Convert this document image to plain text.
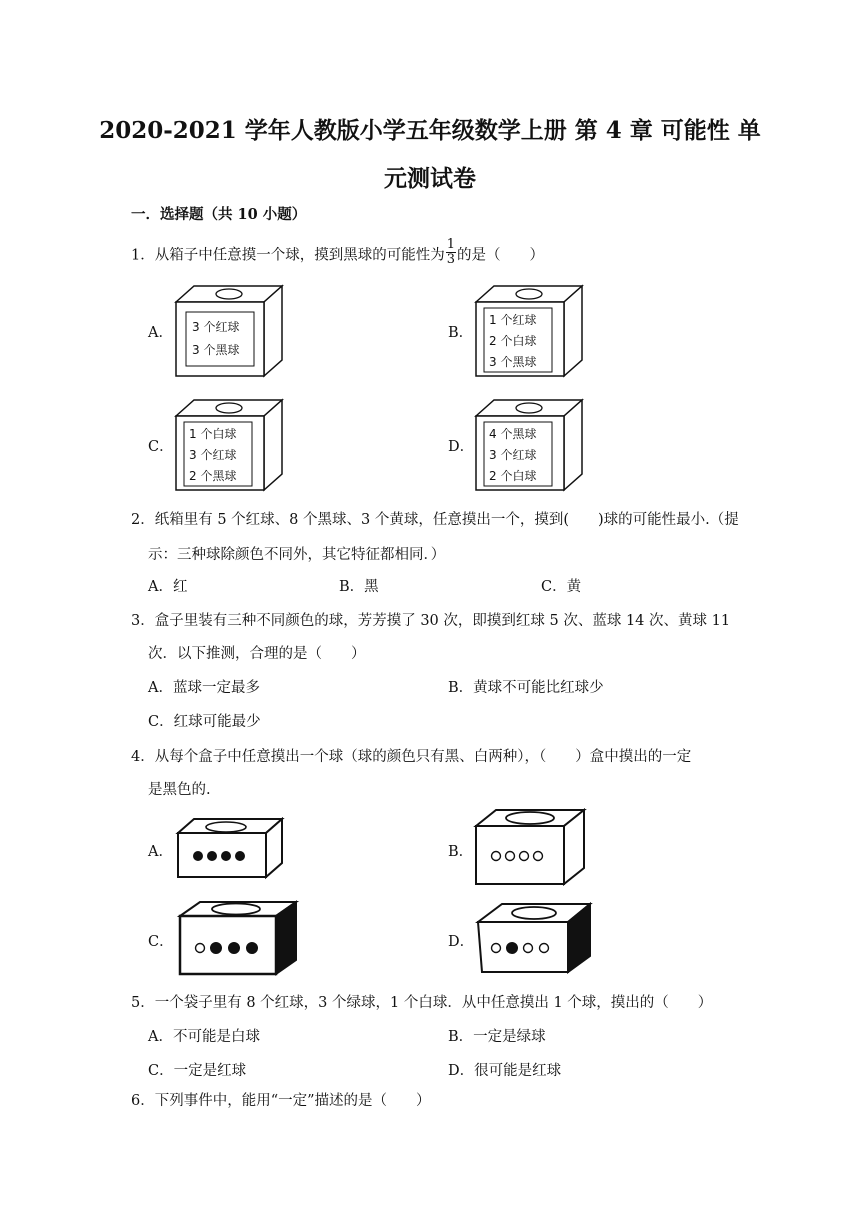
2020-2021 学年人教版小学五年级数学上册 第 4 章 可能性 单
元测试卷
一．选择题（共 10 小题）
1．从箱子中任意摸一个球，摸到黑球的可能性为 $\frac{1}{3}$ 的是（　　）
A． 3 个红球
3 个黑球
B．
1 个红球
2 个白球
3 个黑球
C．
1 个白球
3 个红球
2 个黑球
D．
4 个黑球
3 个红球
2 个白球
2．纸箱里有 5 个红球、8 个黑球、3 个黄球，任意摸出一个，摸到(　　)球的可能性最小.（提
示：三种球除颜色不同外，其它特征都相同．）
A．红	B．黑	C．黄
3．盒子里装有三种不同颜色的球，芳芳摸了 30 次，即摸到红球 5 次、蓝球 14 次、黄球 11
次．以下推测，合理的是（　　）
A．蓝球一定最多	B．黄球不可能比红球少
C．红球可能最少
4．从每个盒子中任意摸出一个球（球的颜色只有黑、白两种），（　　）盒中摸出的一定
是黑色的.
A．	B．
C．	D．
5．一个袋子里有 8 个红球，3 个绿球，1 个白球．从中任意摸出 1 个球，摸出的（　　）
A．不可能是白球	B．一定是绿球
C．一定是红球	D．很可能是红球
6．下列事件中，能用“一定”描述的是（　　）
